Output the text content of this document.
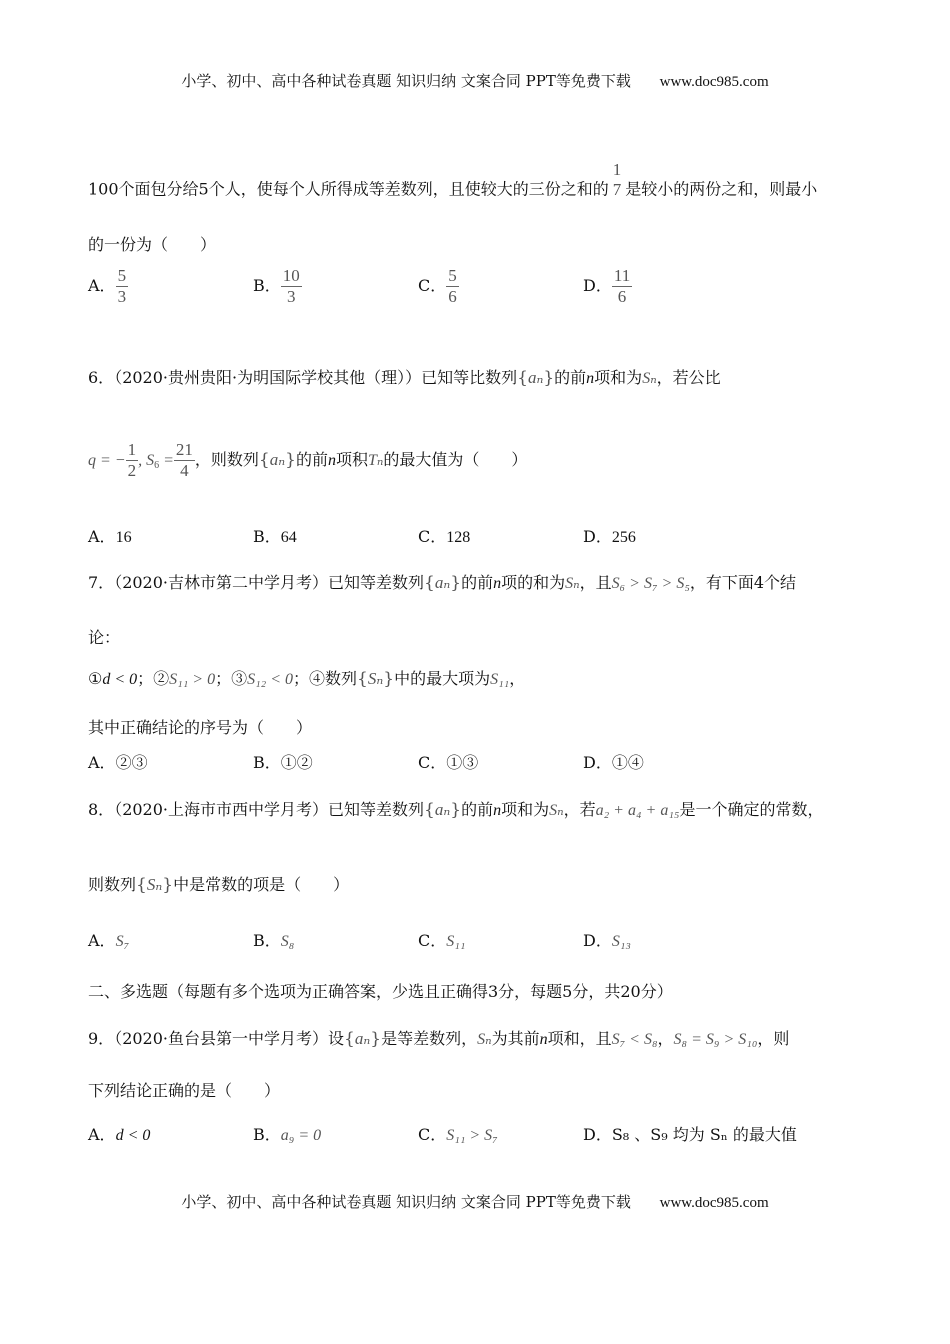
小学、初中、高中各种试卷真题 知识归纳 文案合同 PPT等免费下载 www.doc985.com
100个面包分给5个人，使每个人所得成等差数列，且使较大的三份之和的
1
7 是较小的两份之和，则最小
的一份为（　　）
A． $\frac{5}{3}$	B． $\frac{10}{3}$	C． $\frac{5}{6}$	D． $\frac{11}{6}$
6．（2020·贵州贵阳·为明国际学校其他（理））已知等比数列{aₙ}的前n项和为Sₙ，若公比
q = − $\frac{1}{2}$ , $S_6 = \frac{21}{4}$ ，则数列{aₙ}的前n项积Tₙ的最大值为（　　）
A．16	B．64	C．128	D．256
7．（2020·吉林市第二中学月考）已知等差数列{aₙ}的前n项的和为Sₙ，且S₆ > S₇ > S₅，有下面4个结
论：
①d < 0；②S₁₁ > 0；③S₁₂ < 0；④数列{Sₙ}中的最大项为S₁₁，
其中正确结论的序号为（　　）
A．②③	B．①②	C．①③	D．①④
8．（2020·上海市市西中学月考）已知等差数列{aₙ}的前n项和为Sₙ，若a₂ + a₄ + a₁₅是一个确定的常数，
则数列{Sₙ}中是常数的项是（　　）
A．S₇	B．S₈	C．S₁₁	D．S₁₃
二、多选题（每题有多个选项为正确答案，少选且正确得3分，每题5分，共20分）
9．（2020·鱼台县第一中学月考）设{aₙ}是等差数列，Sₙ为其前n项和，且S₇ < S₈，S₈ = S₉ > S₁₀，则
下列结论正确的是（　　）
A．d < 0	B．a₉ = 0	C．S₁₁ > S₇	D．S₈ 、S₉ 均为 Sₙ 的最大值
小学、初中、高中各种试卷真题 知识归纳 文案合同 PPT等免费下载 www.doc985.com
